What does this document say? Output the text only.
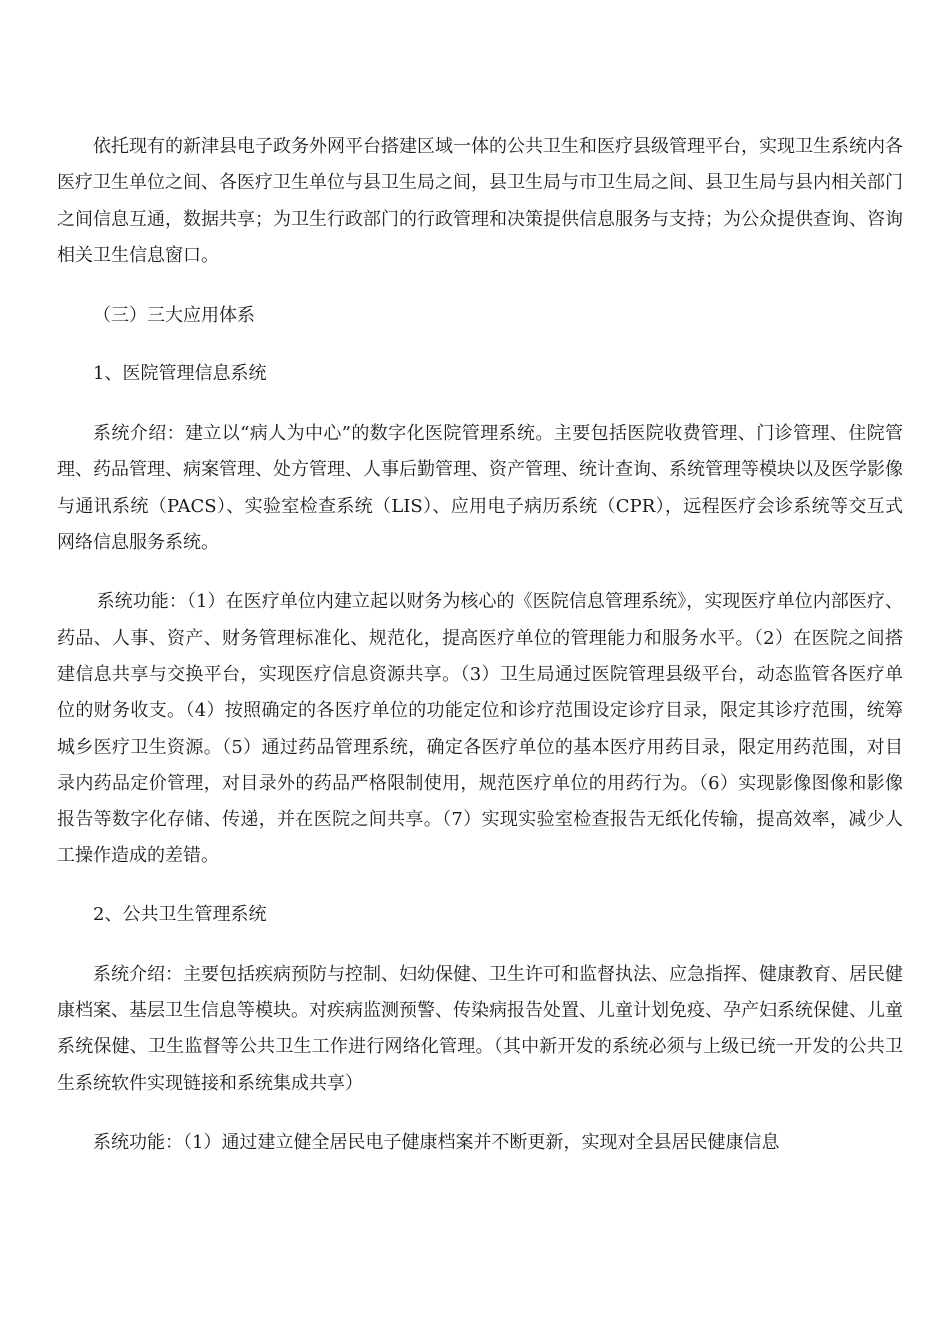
依托现有的新津县电子政务外网平台搭建区域一体的公共卫生和医疗县级管理平台，实现卫生系统内各医疗卫生单位之间、各医疗卫生单位与县卫生局之间，县卫生局与市卫生局之间、县卫生局与县内相关部门之间信息互通，数据共享；为卫生行政部门的行政管理和决策提供信息服务与支持；为公众提供查询、咨询相关卫生信息窗口。

（三）三大应用体系

1、医院管理信息系统

系统介绍：建立以“病人为中心”的数字化医院管理系统。主要包括医院收费管理、门诊管理、住院管理、药品管理、病案管理、处方管理、人事后勤管理、资产管理、统计查询、系统管理等模块以及医学影像与通讯系统（PACS）、实验室检查系统（LIS）、应用电子病历系统（CPR），远程医疗会诊系统等交互式网络信息服务系统。

系统功能：（1）在医疗单位内建立起以财务为核心的《医院信息管理系统》，实现医疗单位内部医疗、药品、人事、资产、财务管理标准化、规范化，提高医疗单位的管理能力和服务水平。（2）在医院之间搭建信息共享与交换平台，实现医疗信息资源共享。（3）卫生局通过医院管理县级平台，动态监管各医疗单位的财务收支。（4）按照确定的各医疗单位的功能定位和诊疗范围设定诊疗目录，限定其诊疗范围，统筹城乡医疗卫生资源。（5）通过药品管理系统，确定各医疗单位的基本医疗用药目录，限定用药范围，对目录内药品定价管理，对目录外的药品严格限制使用，规范医疗单位的用药行为。（6）实现影像图像和影像报告等数字化存储、传递，并在医院之间共享。（7）实现实验室检查报告无纸化传输，提高效率，减少人工操作造成的差错。

2、公共卫生管理系统

系统介绍：主要包括疾病预防与控制、妇幼保健、卫生许可和监督执法、应急指挥、健康教育、居民健康档案、基层卫生信息等模块。对疾病监测预警、传染病报告处置、儿童计划免疫、孕产妇系统保健、儿童系统保健、卫生监督等公共卫生工作进行网络化管理。（其中新开发的系统必须与上级已统一开发的公共卫生系统软件实现链接和系统集成共享）

系统功能：（1）通过建立健全居民电子健康档案并不断更新，实现对全县居民健康信息
